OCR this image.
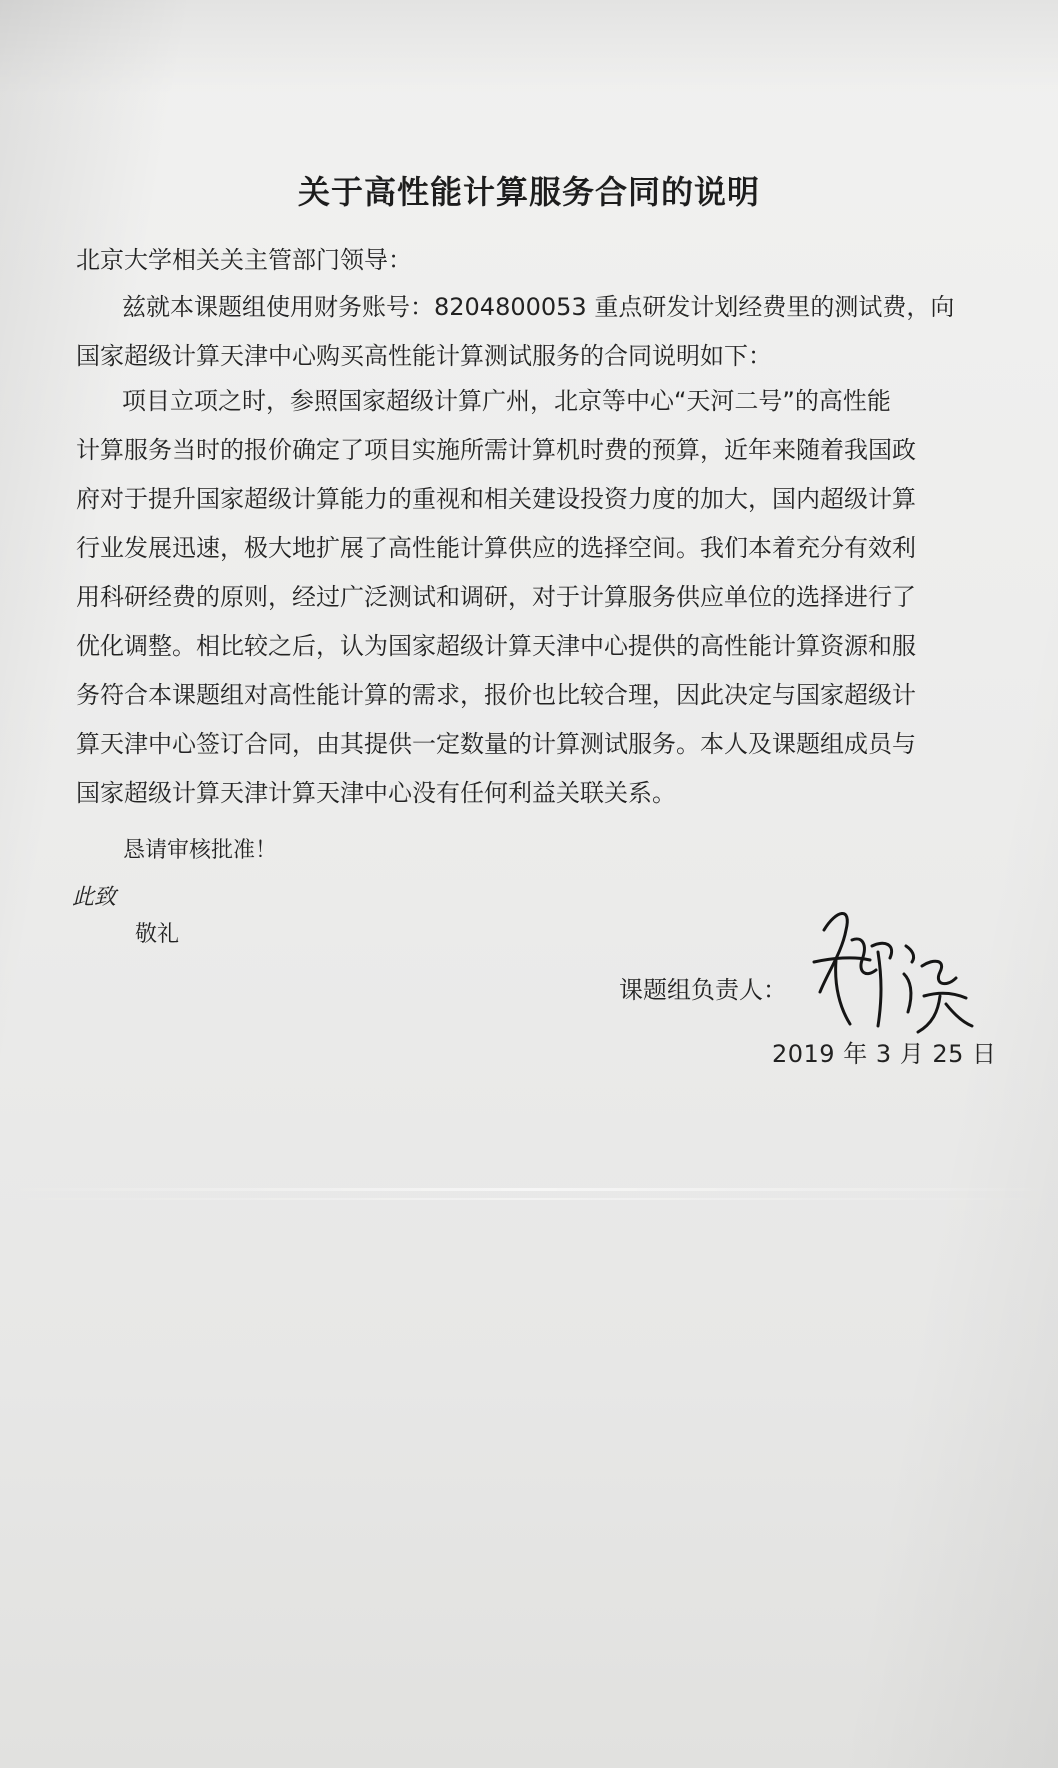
关于高性能计算服务合同的说明
北京大学相关关主管部门领导：
兹就本课题组使用财务账号：8204800053 重点研发计划经费里的测试费，向
国家超级计算天津中心购买高性能计算测试服务的合同说明如下：
项目立项之时，参照国家超级计算广州，北京等中心“天河二号”的高性能
计算服务当时的报价确定了项目实施所需计算机时费的预算，近年来随着我国政
府对于提升国家超级计算能力的重视和相关建设投资力度的加大，国内超级计算
行业发展迅速，极大地扩展了高性能计算供应的选择空间。我们本着充分有效利
用科研经费的原则，经过广泛测试和调研，对于计算服务供应单位的选择进行了
优化调整。相比较之后，认为国家超级计算天津中心提供的高性能计算资源和服
务符合本课题组对高性能计算的需求，报价也比较合理，因此决定与国家超级计
算天津中心签订合同，由其提供一定数量的计算测试服务。本人及课题组成员与
国家超级计算天津计算天津中心没有任何利益关联关系。
恳请审核批准！
此致
敬礼
课题组负责人：
2019 年 3 月 25 日
